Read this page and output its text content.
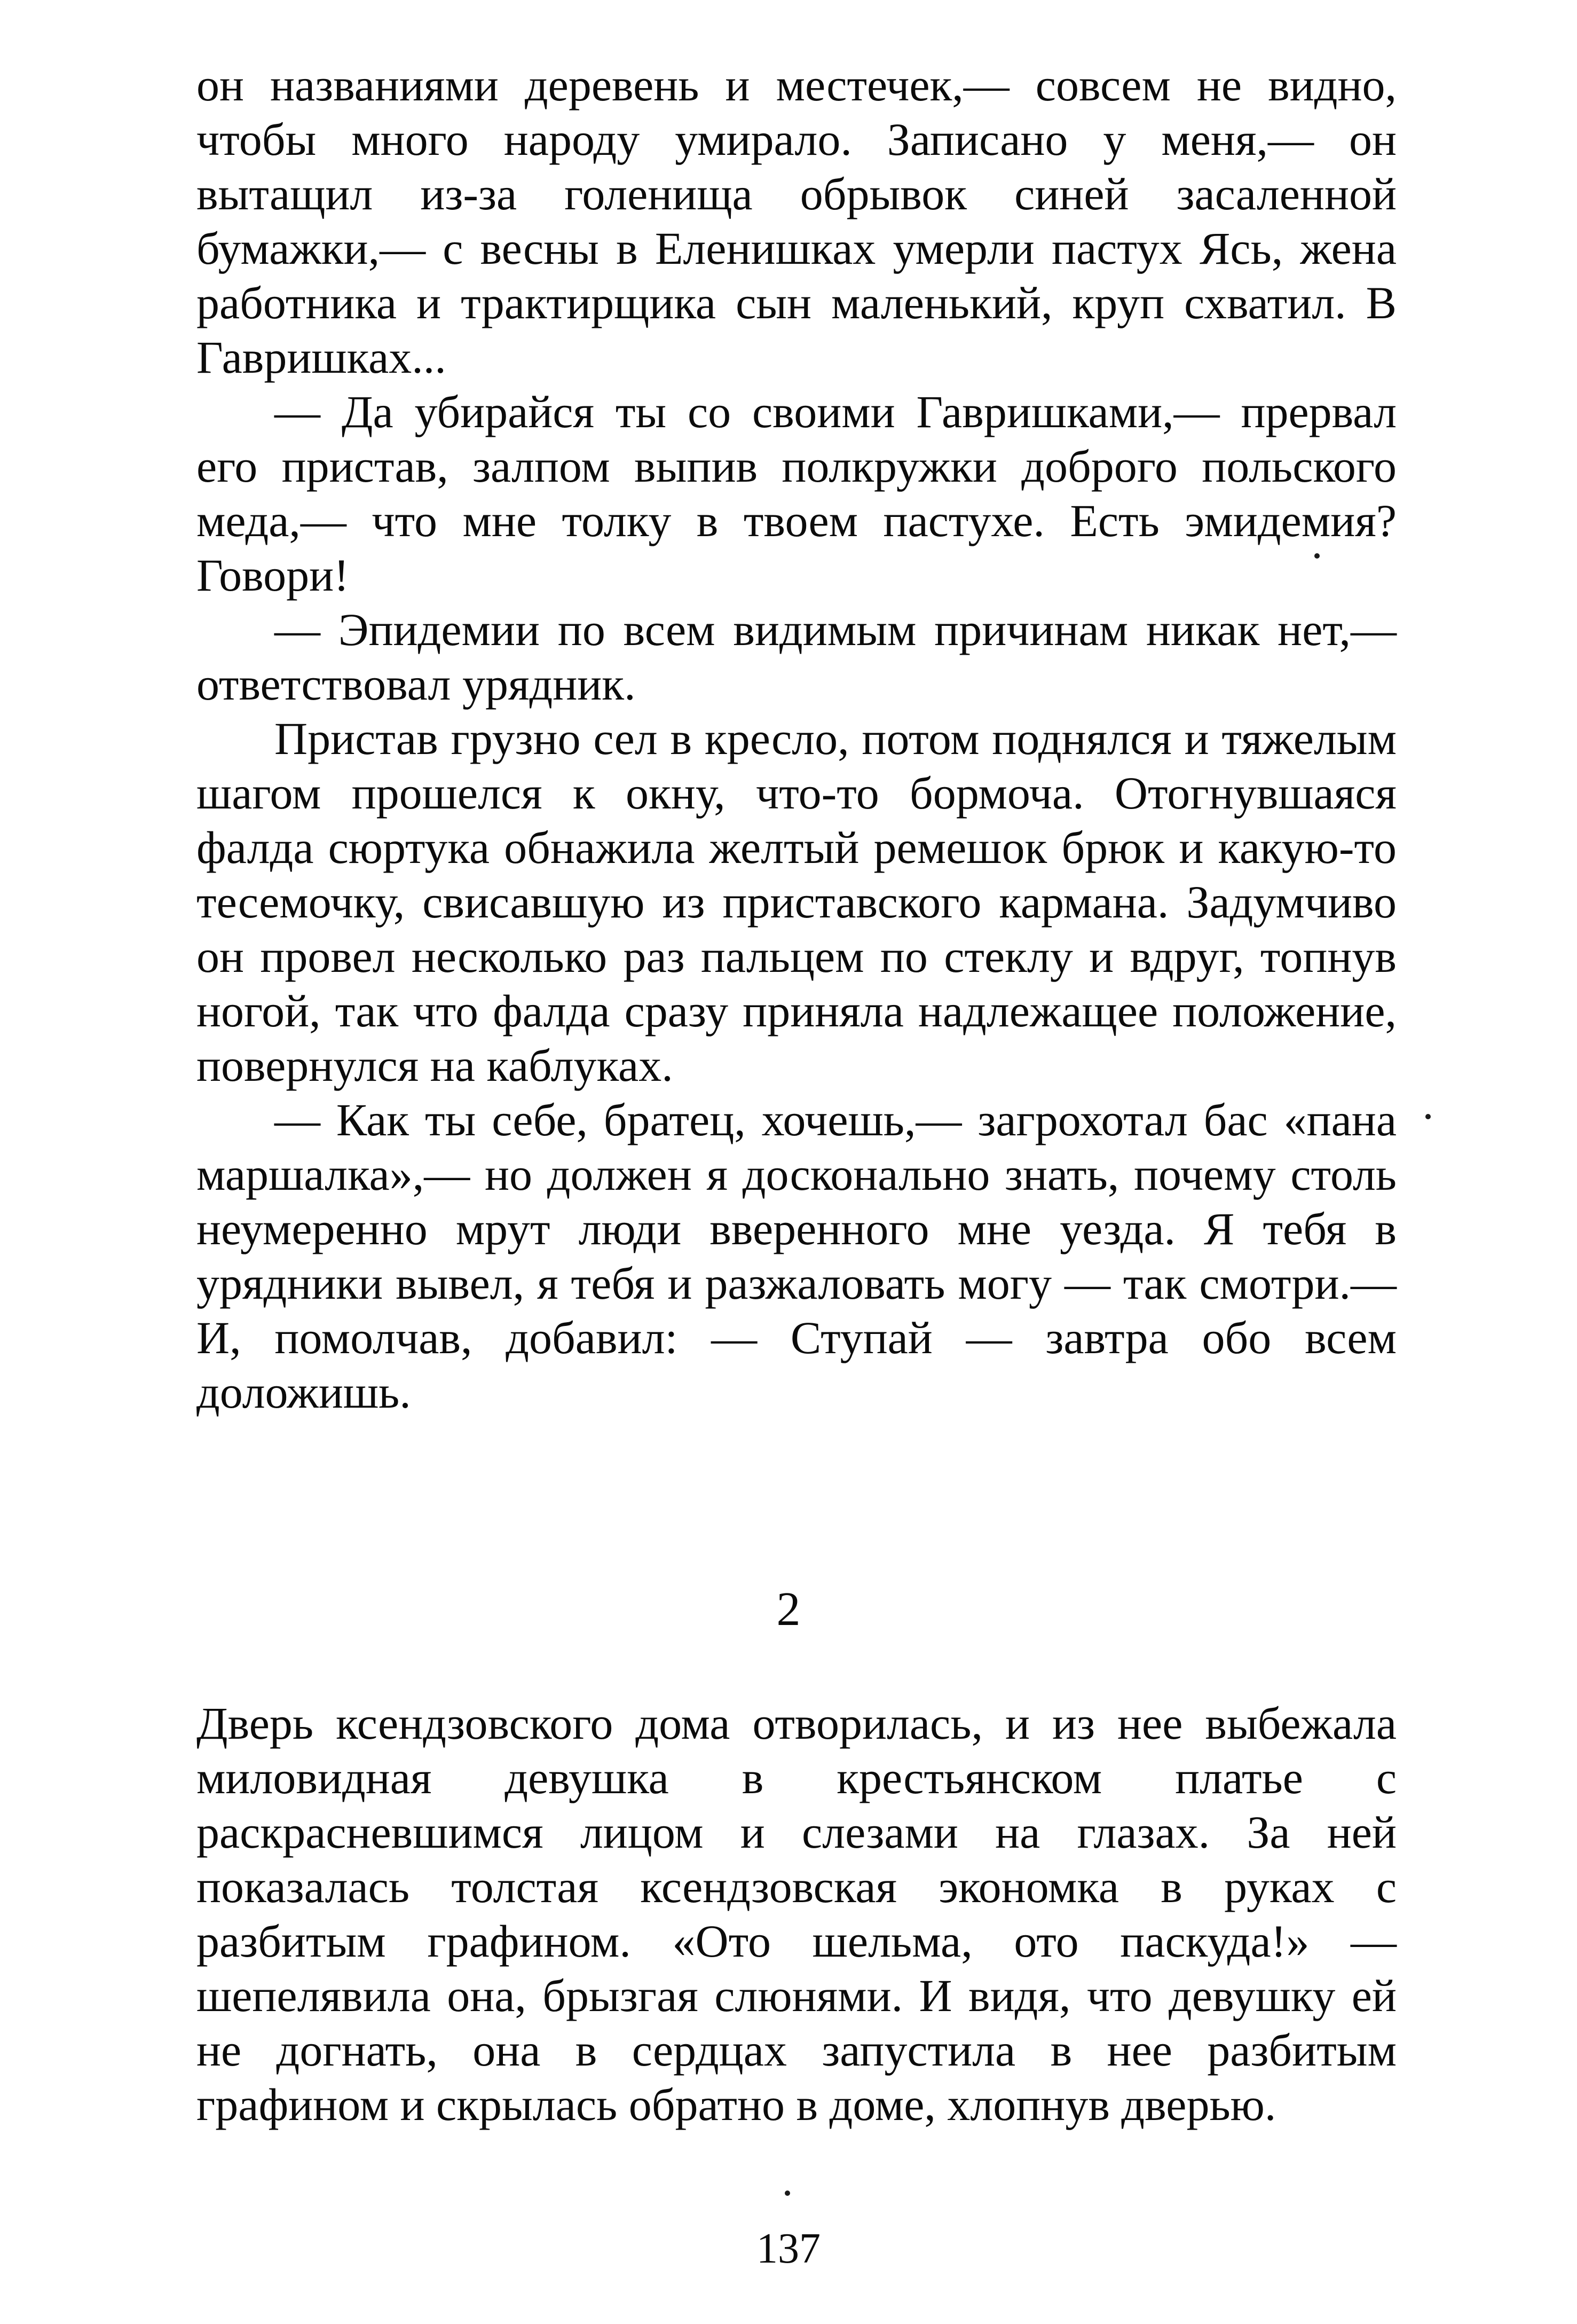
он названиями деревень и местечек,— совсем не видно, чтобы много народу умирало. Записано у меня,— он вытащил из-за голенища обрывок синей засаленной бумажки,— с весны в Еленишках умерли пастух Ясь, жена работника и трактирщика сын маленький, круп схватил. В Гавришках...

— Да убирайся ты со своими Гавришками,— прервал его пристав, залпом выпив полкружки доброго польского меда,— что мне толку в твоем пастухе. Есть эмидемия? Говори!

— Эпидемии по всем видимым причинам никак нет,— ответствовал урядник.

Пристав грузно сел в кресло, потом поднялся и тяжелым шагом прошелся к окну, что-то бормоча. Отогнувшаяся фалда сюртука обнажила желтый ремешок брюк и какую-то тесемочку, свисавшую из приставского кармана. Задумчиво он провел несколько раз пальцем по стеклу и вдруг, топнув ногой, так что фалда сразу приняла надлежащее положение, повернулся на каблуках.

— Как ты себе, братец, хочешь,— загрохотал бас «пана маршалка»,— но должен я досконально знать, почему столь неумеренно мрут люди вверенного мне уезда. Я тебя в урядники вывел, я тебя и разжаловать могу — так смотри.— И, помолчав, добавил: — Ступай — завтра обо всем доложишь.

2

Дверь ксендзовского дома отворилась, и из нее выбежала миловидная девушка в крестьянском платье с раскрасневшимся лицом и слезами на глазах. За ней показалась толстая ксендзовская экономка в руках с разбитым графином. «Ото шельма, ото паскуда!» — шепелявила она, брызгая слюнями. И видя, что девушку ей не догнать, она в сердцах запустила в нее разбитым графином и скрылась обратно в доме, хлопнув дверью.

137
